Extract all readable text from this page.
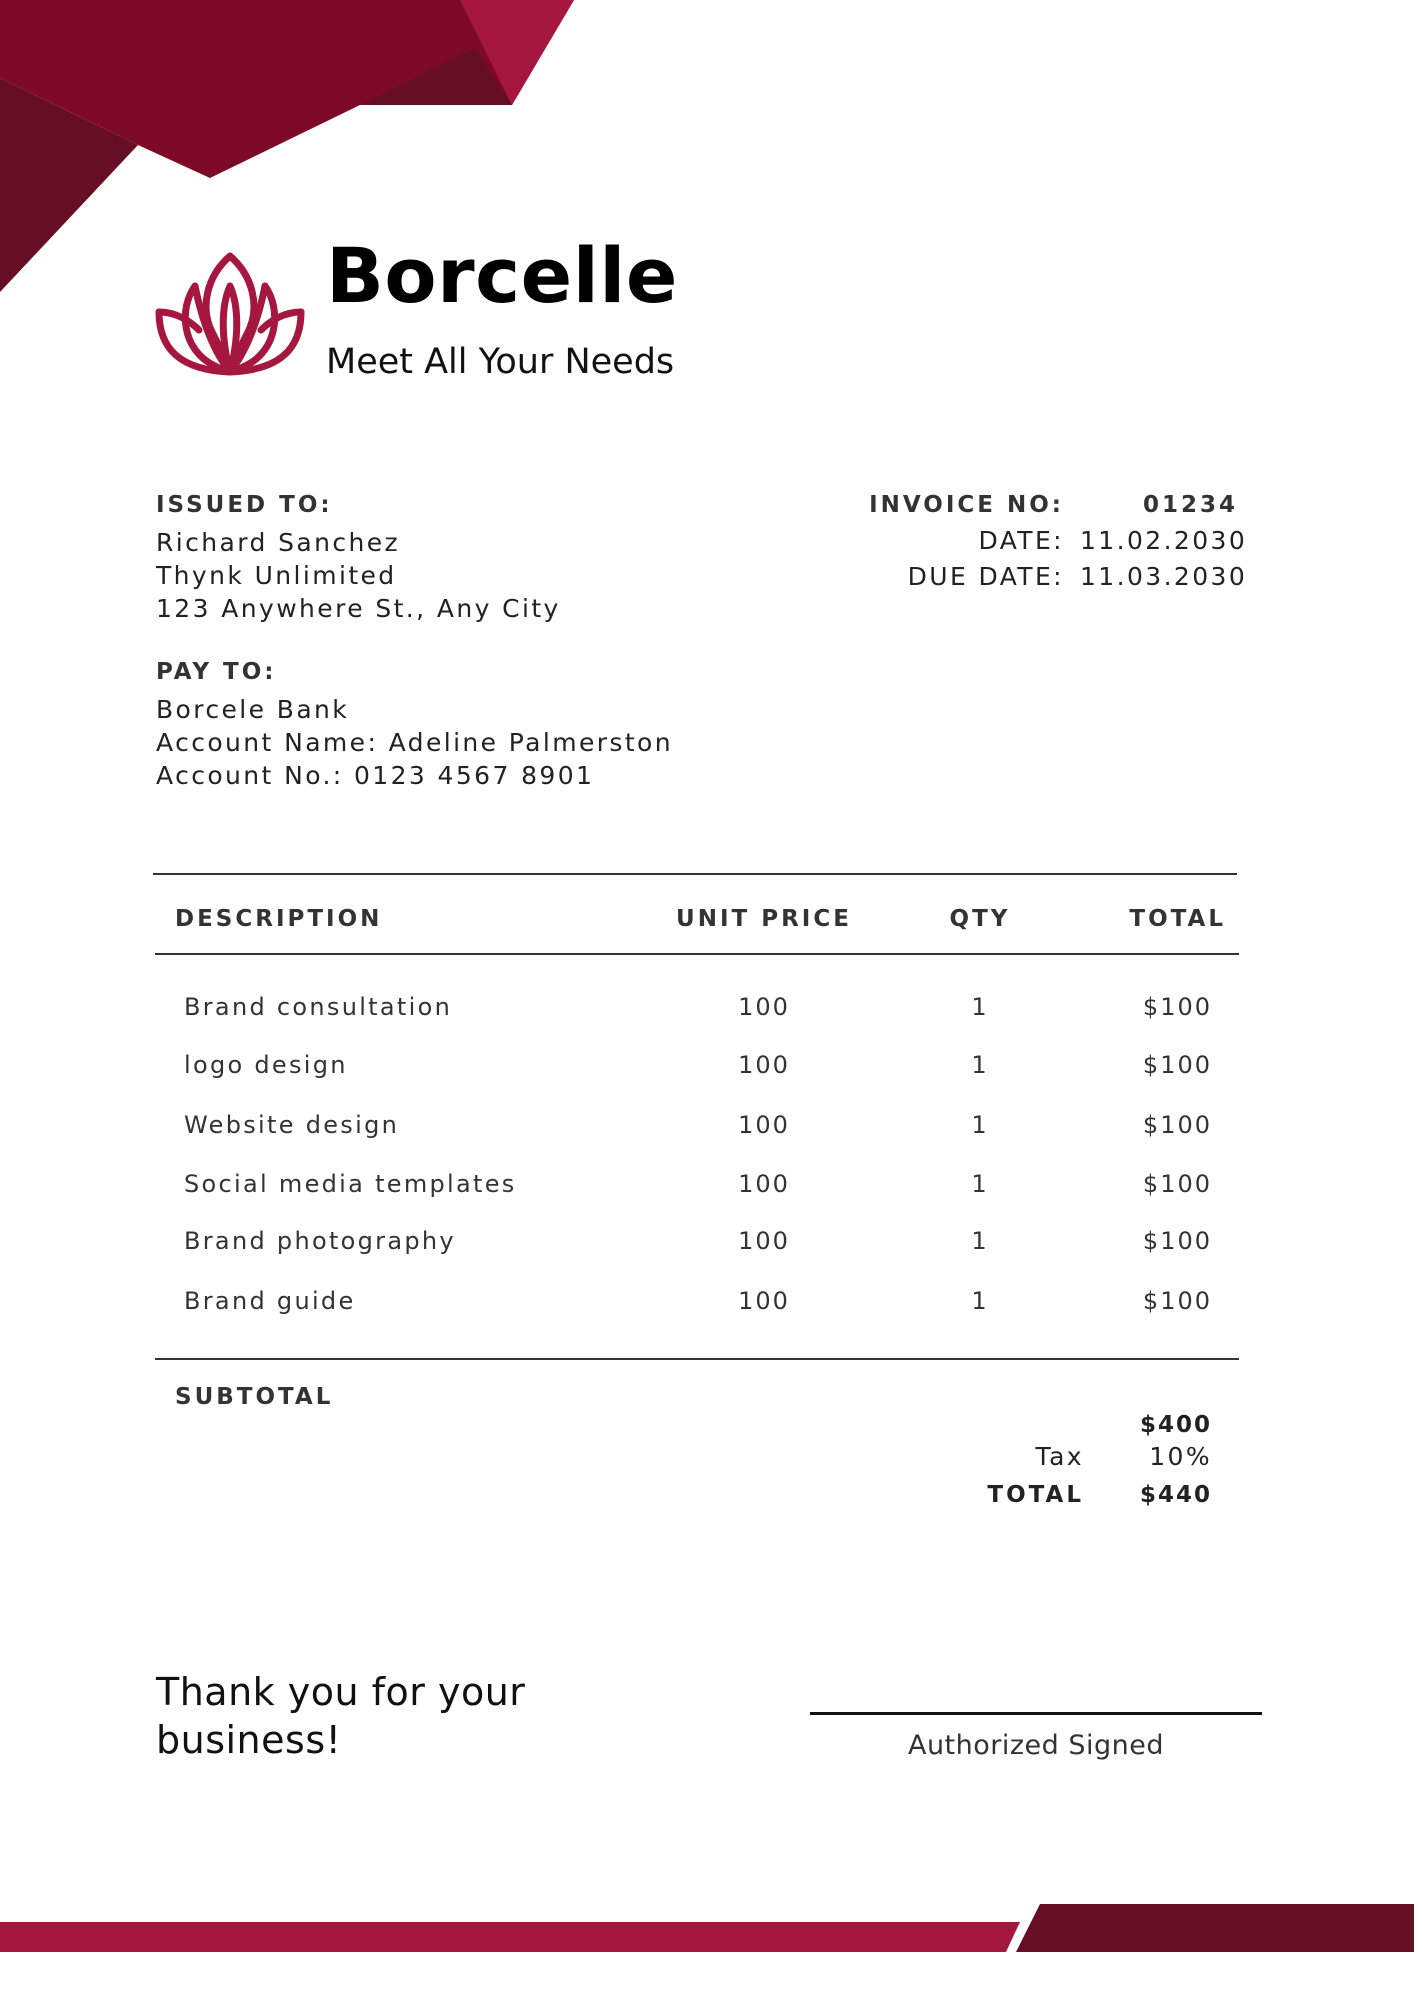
Borcelle
Meet All Your Needs
ISSUED TO:
Richard Sanchez
Thynk Unlimited
123 Anywhere St., Any City
INVOICE NO:	01234
DATE: 11.02.2030
DUE DATE: 11.03.2030
PAY TO:
Borcele Bank
Account Name: Adeline Palmerston
Account No.: 0123 4567 8901
DESCRIPTION	UNIT PRICE	QTY	TOTAL
Brand consultation	100	1	$100
logo design	100	1	$100
Website design	100	1	$100
Social media templates	100	1	$100
Brand photography	100	1	$100
Brand guide	100	1	$100
SUBTOTAL
$400
Tax	10%
TOTAL	$440
Thank you for your
business!	Authorized Signed
